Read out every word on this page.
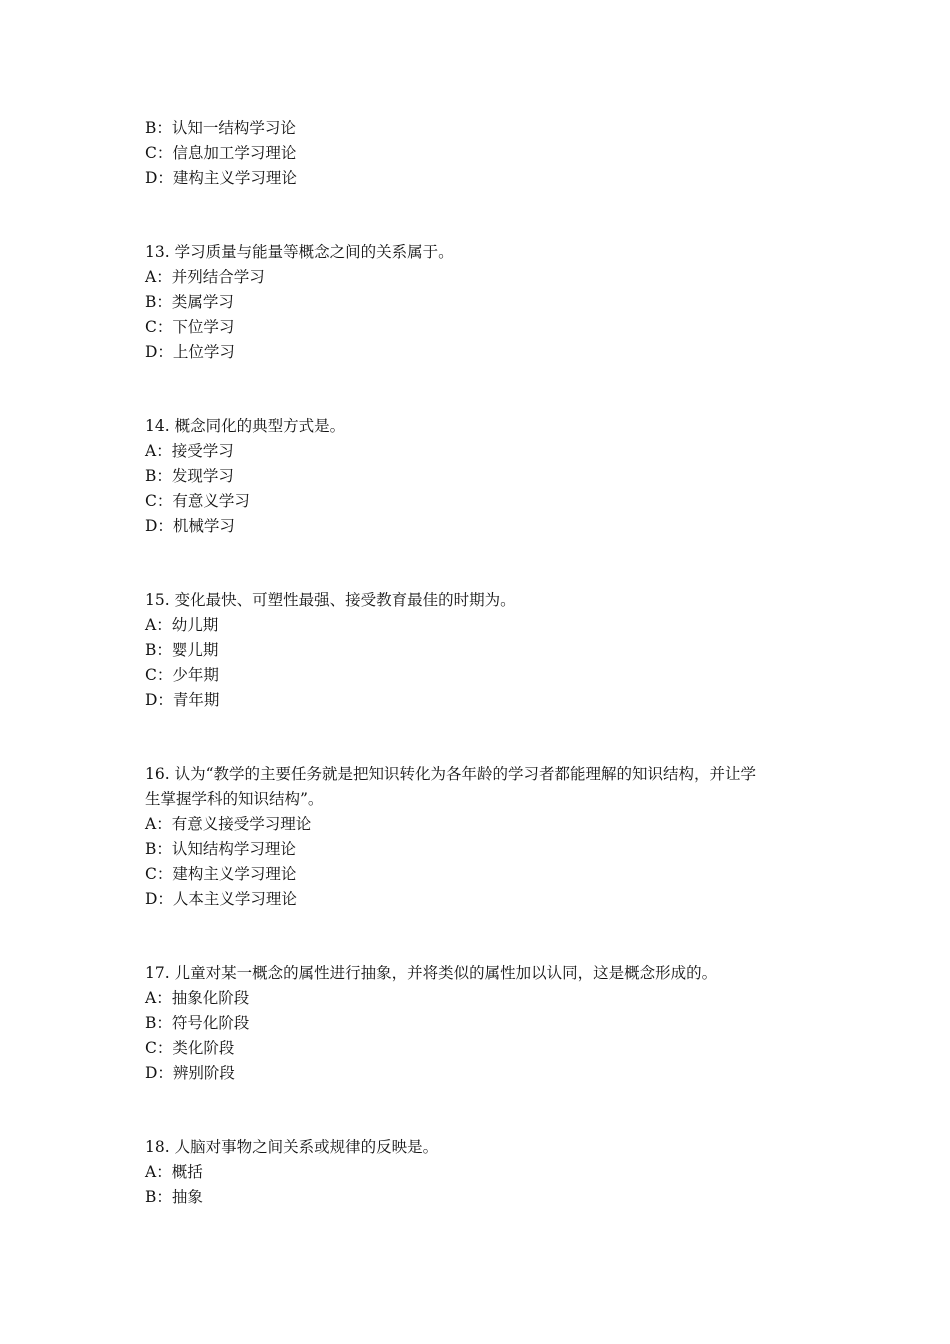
B：认知一结构学习论
C：信息加工学习理论
D：建构主义学习理论
13. 学习质量与能量等概念之间的关系属于。
A：并列结合学习
B：类属学习
C：下位学习
D：上位学习
14. 概念同化的典型方式是。
A：接受学习
B：发现学习
C：有意义学习
D：机械学习
15. 变化最快、可塑性最强、接受教育最佳的时期为。
A：幼儿期
B：婴儿期
C：少年期
D：青年期
16. 认为“教学的主要任务就是把知识转化为各年龄的学习者都能理解的知识结构，并让学
生掌握学科的知识结构”。
A：有意义接受学习理论
B：认知结构学习理论
C：建构主义学习理论
D：人本主义学习理论
17. 儿童对某一概念的属性进行抽象，并将类似的属性加以认同，这是概念形成的。
A：抽象化阶段
B：符号化阶段
C：类化阶段
D：辨别阶段
18. 人脑对事物之间关系或规律的反映是。
A：概括
B：抽象
